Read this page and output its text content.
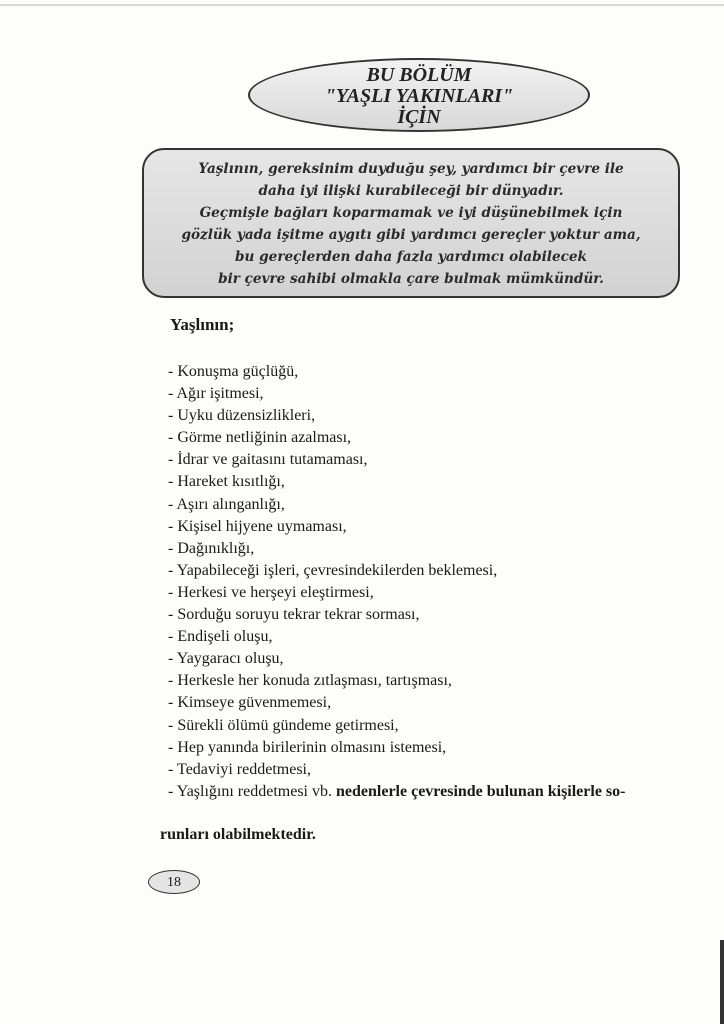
BU BÖLÜM
"YAŞLI YAKINLARI"
İÇİN
Yaşlının, gereksinim duyduğu şey, yardımcı bir çevre ile
daha iyi ilişki kurabileceği bir dünyadır.
Geçmişle bağları koparmamak ve iyi düşünebilmek için
gözlük yada işitme aygıtı gibi yardımcı gereçler yoktur ama,
bu gereçlerden daha fazla yardımcı olabilecek
bir çevre sahibi olmakla çare bulmak mümkündür.
Yaşlının;
- Konuşma güçlüğü,
- Ağır işitmesi,
- Uyku düzensizlikleri,
- Görme netliğinin azalması,
- İdrar ve gaitasını tutamaması,
- Hareket kısıtlığı,
- Aşırı alınganlığı,
- Kişisel hijyene uymaması,
- Dağınıklığı,
- Yapabileceği işleri, çevresindekilerden beklemesi,
- Herkesi ve herşeyi eleştirmesi,
- Sorduğu soruyu tekrar tekrar sorması,
- Endişeli oluşu,
- Yaygaracı oluşu,
- Herkesle her konuda zıtlaşması, tartışması,
- Kimseye güvenmemesi,
- Sürekli ölümü gündeme getirmesi,
- Hep yanında birilerinin olmasını istemesi,
- Tedaviyi reddetmesi,
- Yaşlığını reddetmesi vb. nedenlerle çevresinde bulunan kişilerle so-
runları olabilmektedir.
18
